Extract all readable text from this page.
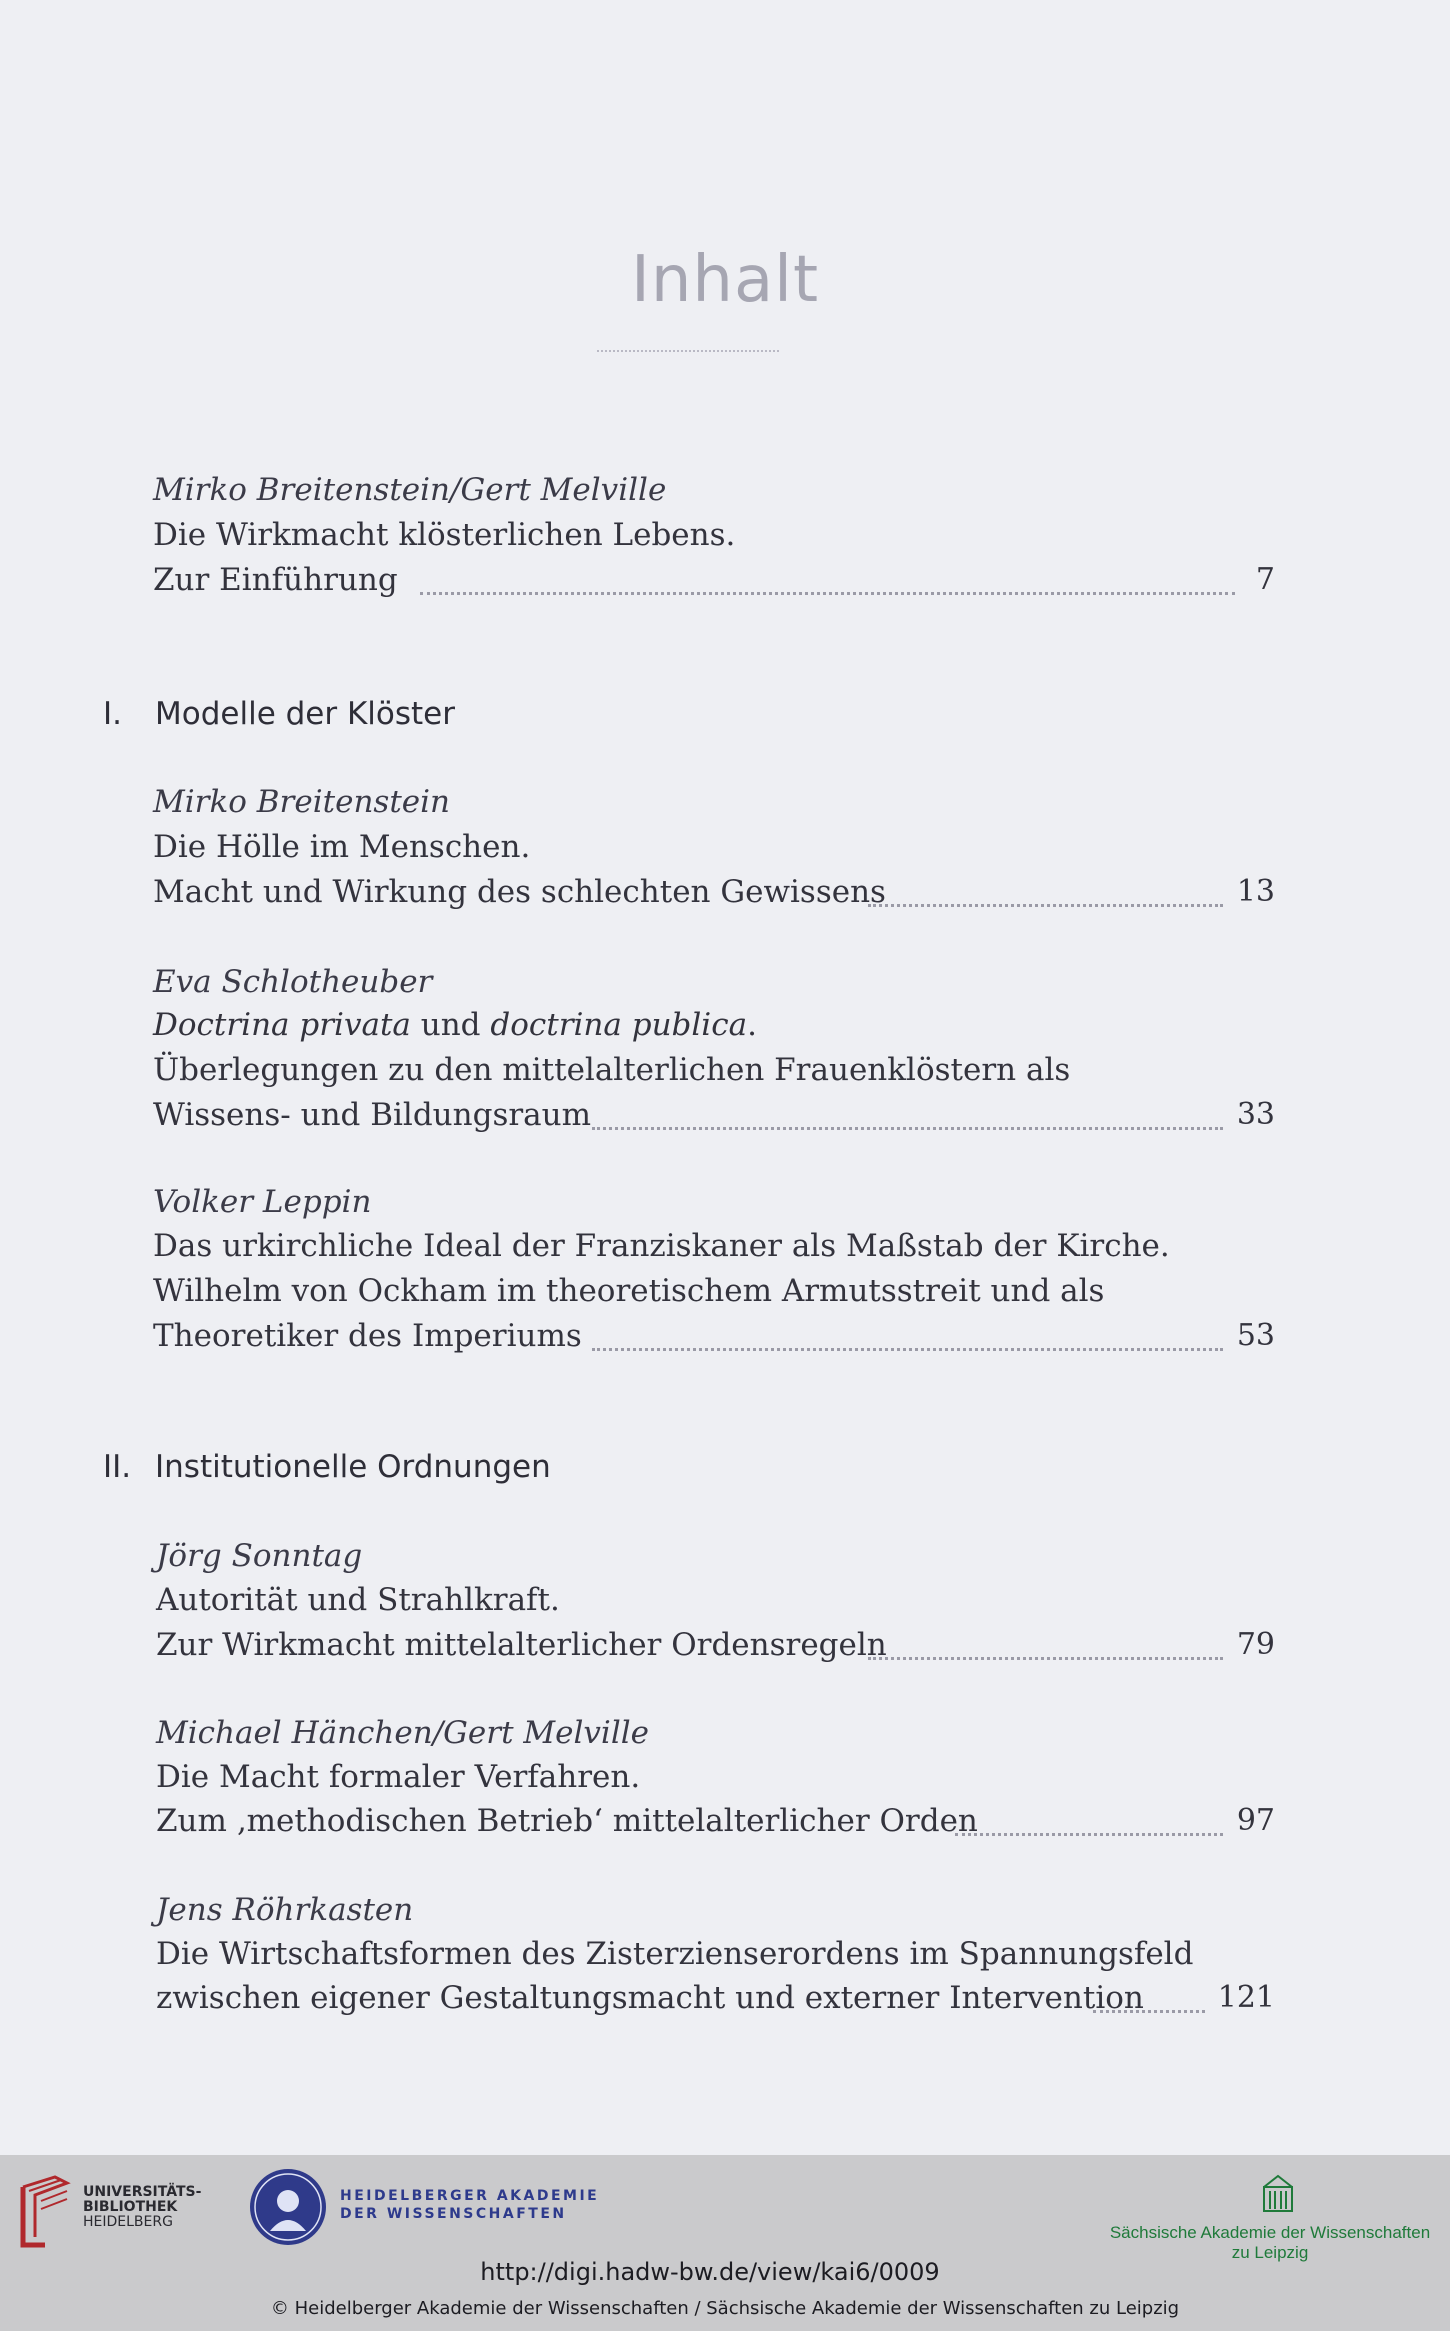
Inhalt
Mirko Breitenstein/Gert Melville
Die Wirkmacht klösterlichen Lebens.
Zur Einführung	7
I. Modelle der Klöster
Mirko Breitenstein
Die Hölle im Menschen.
Macht und Wirkung des schlechten Gewissens	13
Eva Schlotheuber
Doctrina privata und doctrina publica.
Überlegungen zu den mittelalterlichen Frauenklöstern als
Wissens- und Bildungsraum	33
Volker Leppin
Das urkirchliche Ideal der Franziskaner als Maßstab der Kirche.
Wilhelm von Ockham im theoretischem Armutsstreit und als
Theoretiker des Imperiums	53
II. Institutionelle Ordnungen
Jörg Sonntag
Autorität und Strahlkraft.
Zur Wirkmacht mittelalterlicher Ordensregeln	79
Michael Hänchen/Gert Melville
Die Macht formaler Verfahren.
Zum ‚methodischen Betrieb‘ mittelalterlicher Orden	97
Jens Röhrkasten
Die Wirtschaftsformen des Zisterzienserordens im Spannungsfeld
zwischen eigener Gestaltungsmacht und externer Intervention	121
UNIVERSITÄTS-
BIBLIOTHEK
HEIDELBERG
HEIDELBERGER AKADEMIE
DER WISSENSCHAFTEN
Sächsische Akademie der Wissenschaften
zu Leipzig
http://digi.hadw-bw.de/view/kai6/0009
© Heidelberger Akademie der Wissenschaften / Sächsische Akademie der Wissenschaften zu Leipzig
